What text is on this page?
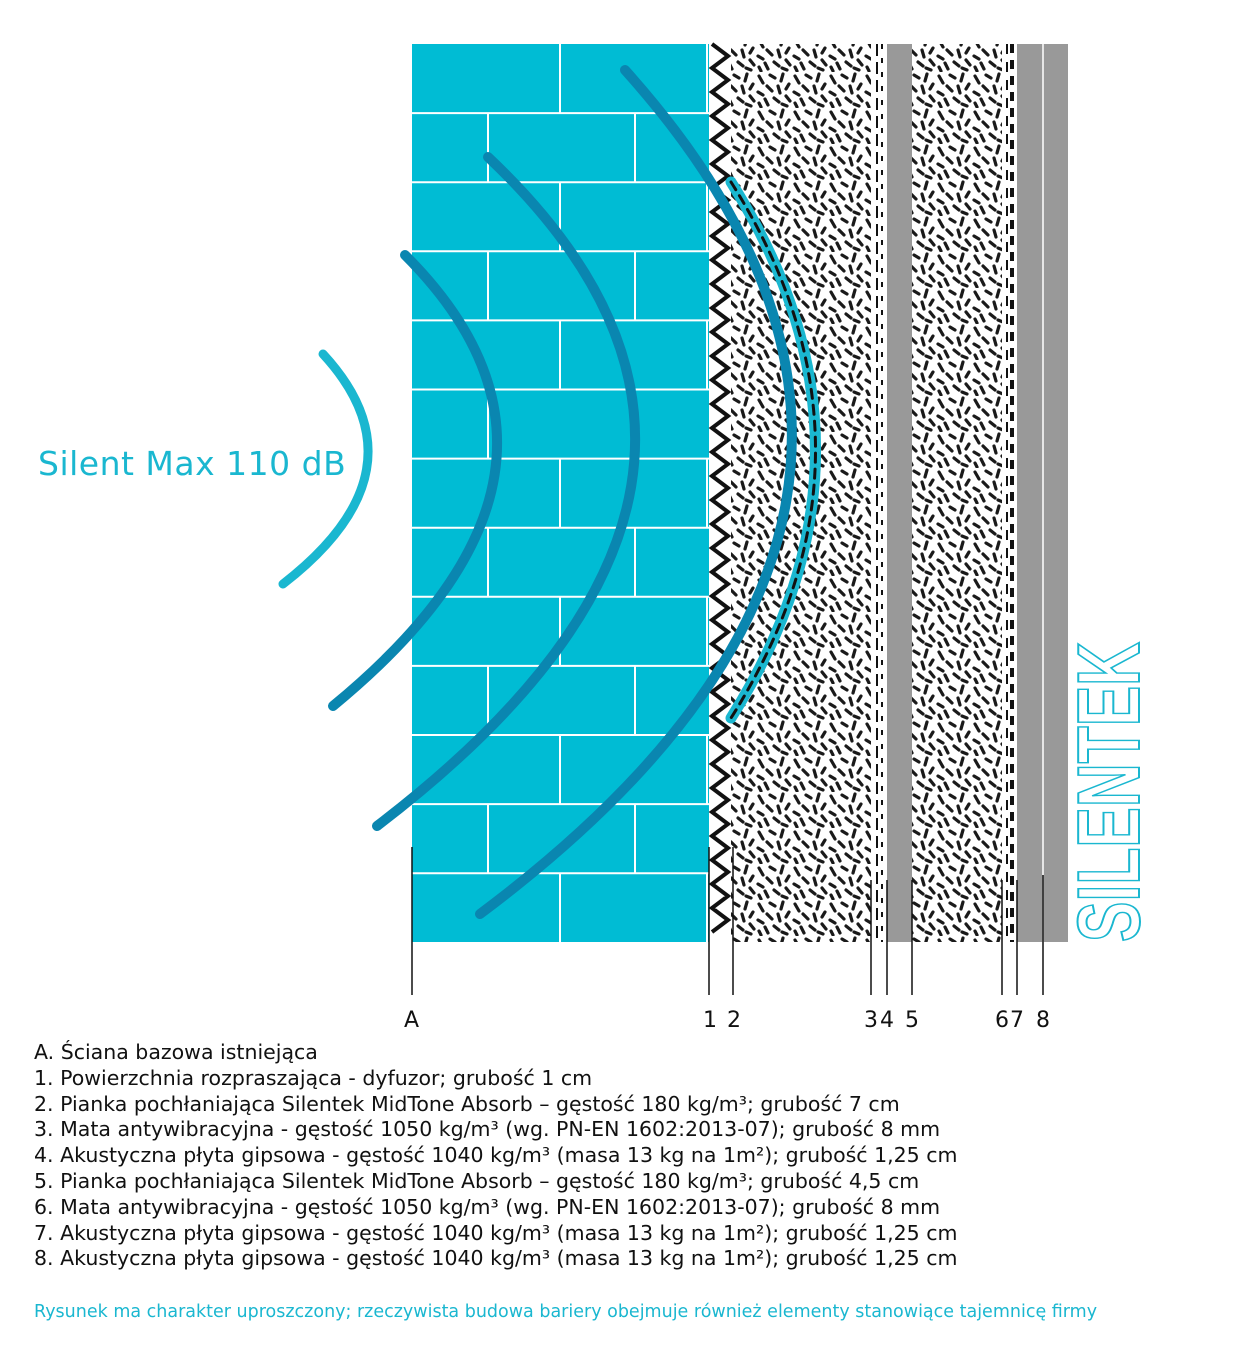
Silent Max 110 dB
SILENTEK
A	1 2	3 4 5	6 7 8
A. Ściana bazowa istniejąca
1. Powierzchnia rozpraszająca - dyfuzor; grubość 1 cm
2. Pianka pochłaniająca Silentek MidTone Absorb – gęstość 180 kg/m³; grubość 7 cm
3. Mata antywibracyjna - gęstość 1050 kg/m³ (wg. PN-EN 1602:2013-07); grubość 8 mm
4. Akustyczna płyta gipsowa - gęstość 1040 kg/m³ (masa 13 kg na 1m²); grubość 1,25 cm
5. Pianka pochłaniająca Silentek MidTone Absorb – gęstość 180 kg/m³; grubość 4,5 cm
6. Mata antywibracyjna - gęstość 1050 kg/m³ (wg. PN-EN 1602:2013-07); grubość 8 mm
7. Akustyczna płyta gipsowa - gęstość 1040 kg/m³ (masa 13 kg na 1m²); grubość 1,25 cm
8. Akustyczna płyta gipsowa - gęstość 1040 kg/m³ (masa 13 kg na 1m²); grubość 1,25 cm
Rysunek ma charakter uproszczony; rzeczywista budowa bariery obejmuje również elementy stanowiące tajemnicę firmy
